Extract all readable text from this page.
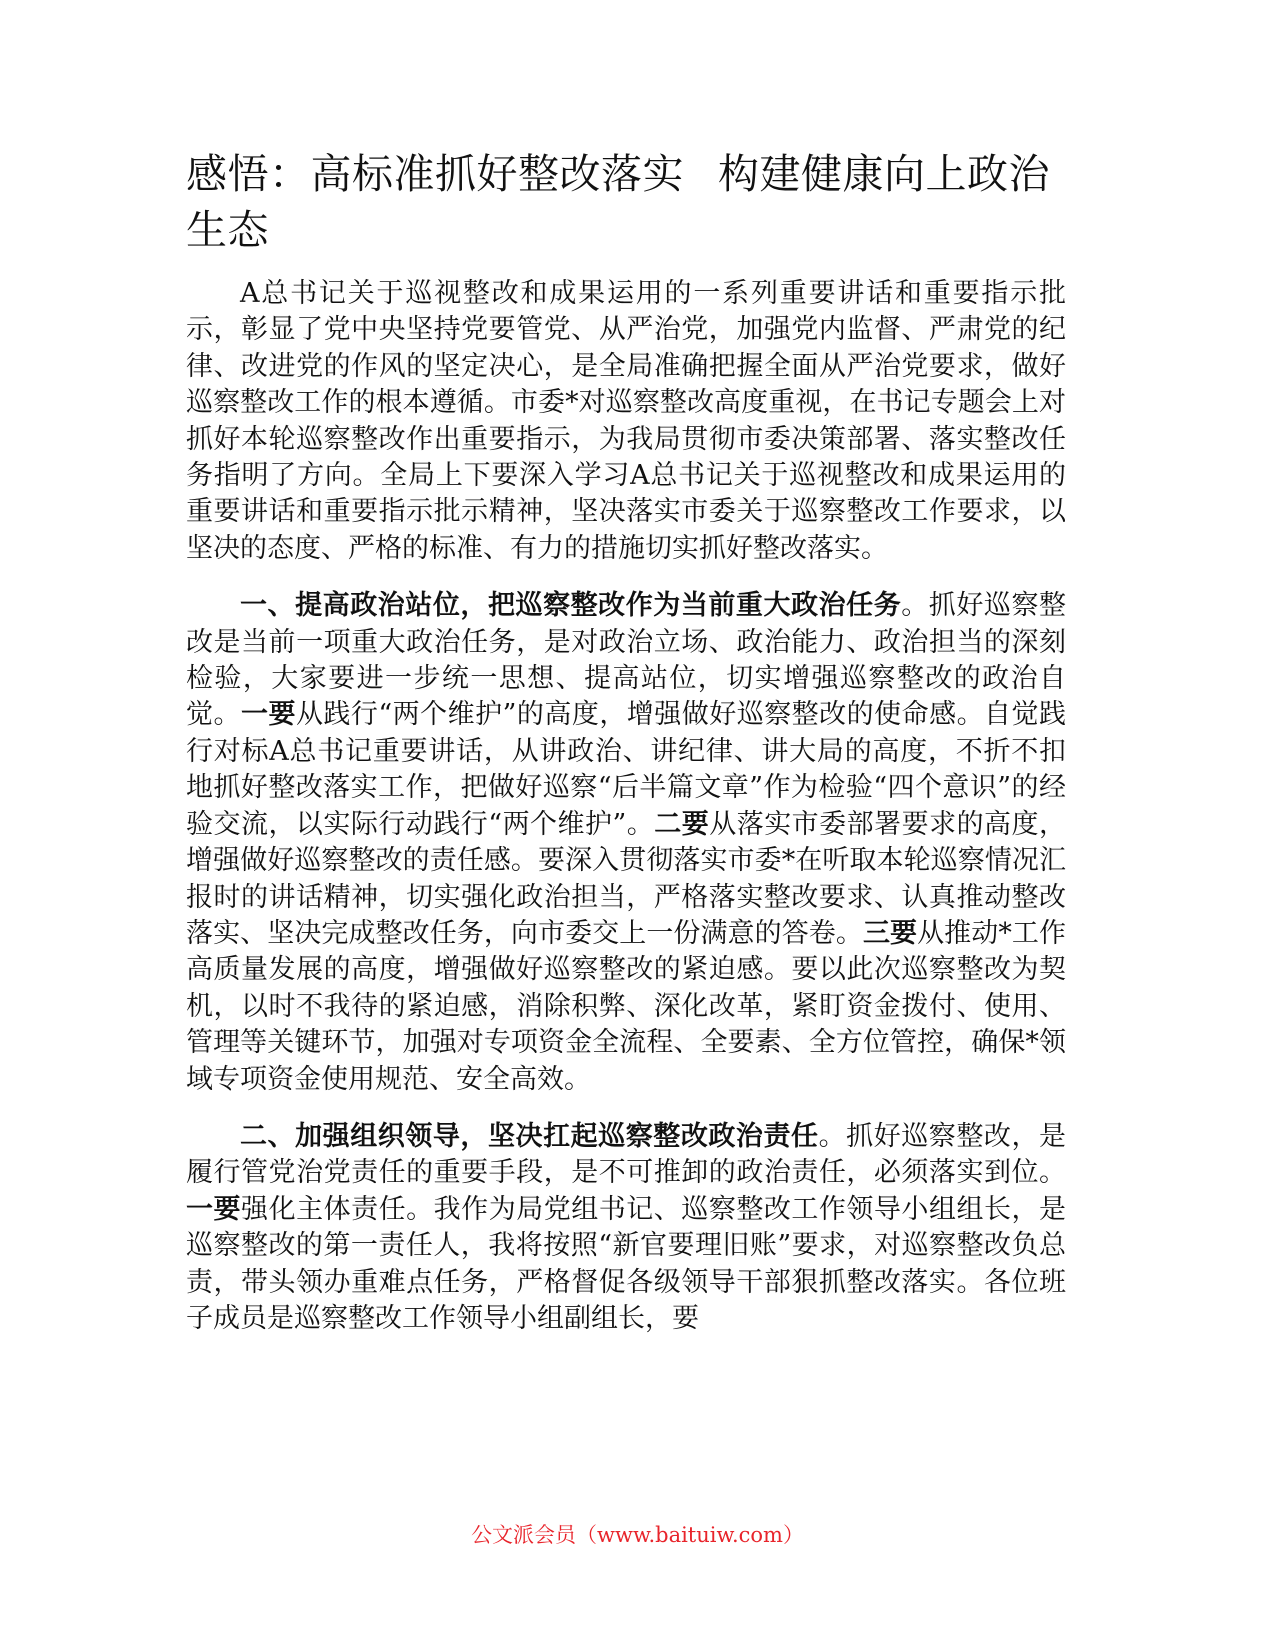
感悟：高标准抓好整改落实 构建健康向上政治生态

A总书记关于巡视整改和成果运用的一系列重要讲话和重要指示批示，彰显了党中央坚持党要管党、从严治党，加强党内监督、严肃党的纪律、改进党的作风的坚定决心，是全局准确把握全面从严治党要求，做好巡察整改工作的根本遵循。市委*对巡察整改高度重视，在书记专题会上对抓好本轮巡察整改作出重要指示，为我局贯彻市委决策部署、落实整改任务指明了方向。全局上下要深入学习A总书记关于巡视整改和成果运用的重要讲话和重要指示批示精神，坚决落实市委关于巡察整改工作要求，以坚决的态度、严格的标准、有力的措施切实抓好整改落实。

一、提高政治站位，把巡察整改作为当前重大政治任务。抓好巡察整改是当前一项重大政治任务，是对政治立场、政治能力、政治担当的深刻检验，大家要进一步统一思想、提高站位，切实增强巡察整改的政治自觉。一要从践行“两个维护”的高度，增强做好巡察整改的使命感。自觉践行对标A总书记重要讲话，从讲政治、讲纪律、讲大局的高度，不折不扣地抓好整改落实工作，把做好巡察“后半篇文章”作为检验“四个意识”的经验交流，以实际行动践行“两个维护”。二要从落实市委部署要求的高度，增强做好巡察整改的责任感。要深入贯彻落实市委*在听取本轮巡察情况汇报时的讲话精神，切实强化政治担当，严格落实整改要求、认真推动整改落实、坚决完成整改任务，向市委交上一份满意的答卷。三要从推动*工作高质量发展的高度，增强做好巡察整改的紧迫感。要以此次巡察整改为契机，以时不我待的紧迫感，消除积弊、深化改革，紧盯资金拨付、使用、管理等关键环节，加强对专项资金全流程、全要素、全方位管控，确保*领域专项资金使用规范、安全高效。

二、加强组织领导，坚决扛起巡察整改政治责任。抓好巡察整改，是履行管党治党责任的重要手段，是不可推卸的政治责任，必须落实到位。一要强化主体责任。我作为局党组书记、巡察整改工作领导小组组长，是巡察整改的第一责任人，我将按照“新官要理旧账”要求，对巡察整改负总责，带头领办重难点任务，严格督促各级领导干部狠抓整改落实。各位班子成员是巡察整改工作领导小组副组长，要

公文派会员（www.baituiw.com）
